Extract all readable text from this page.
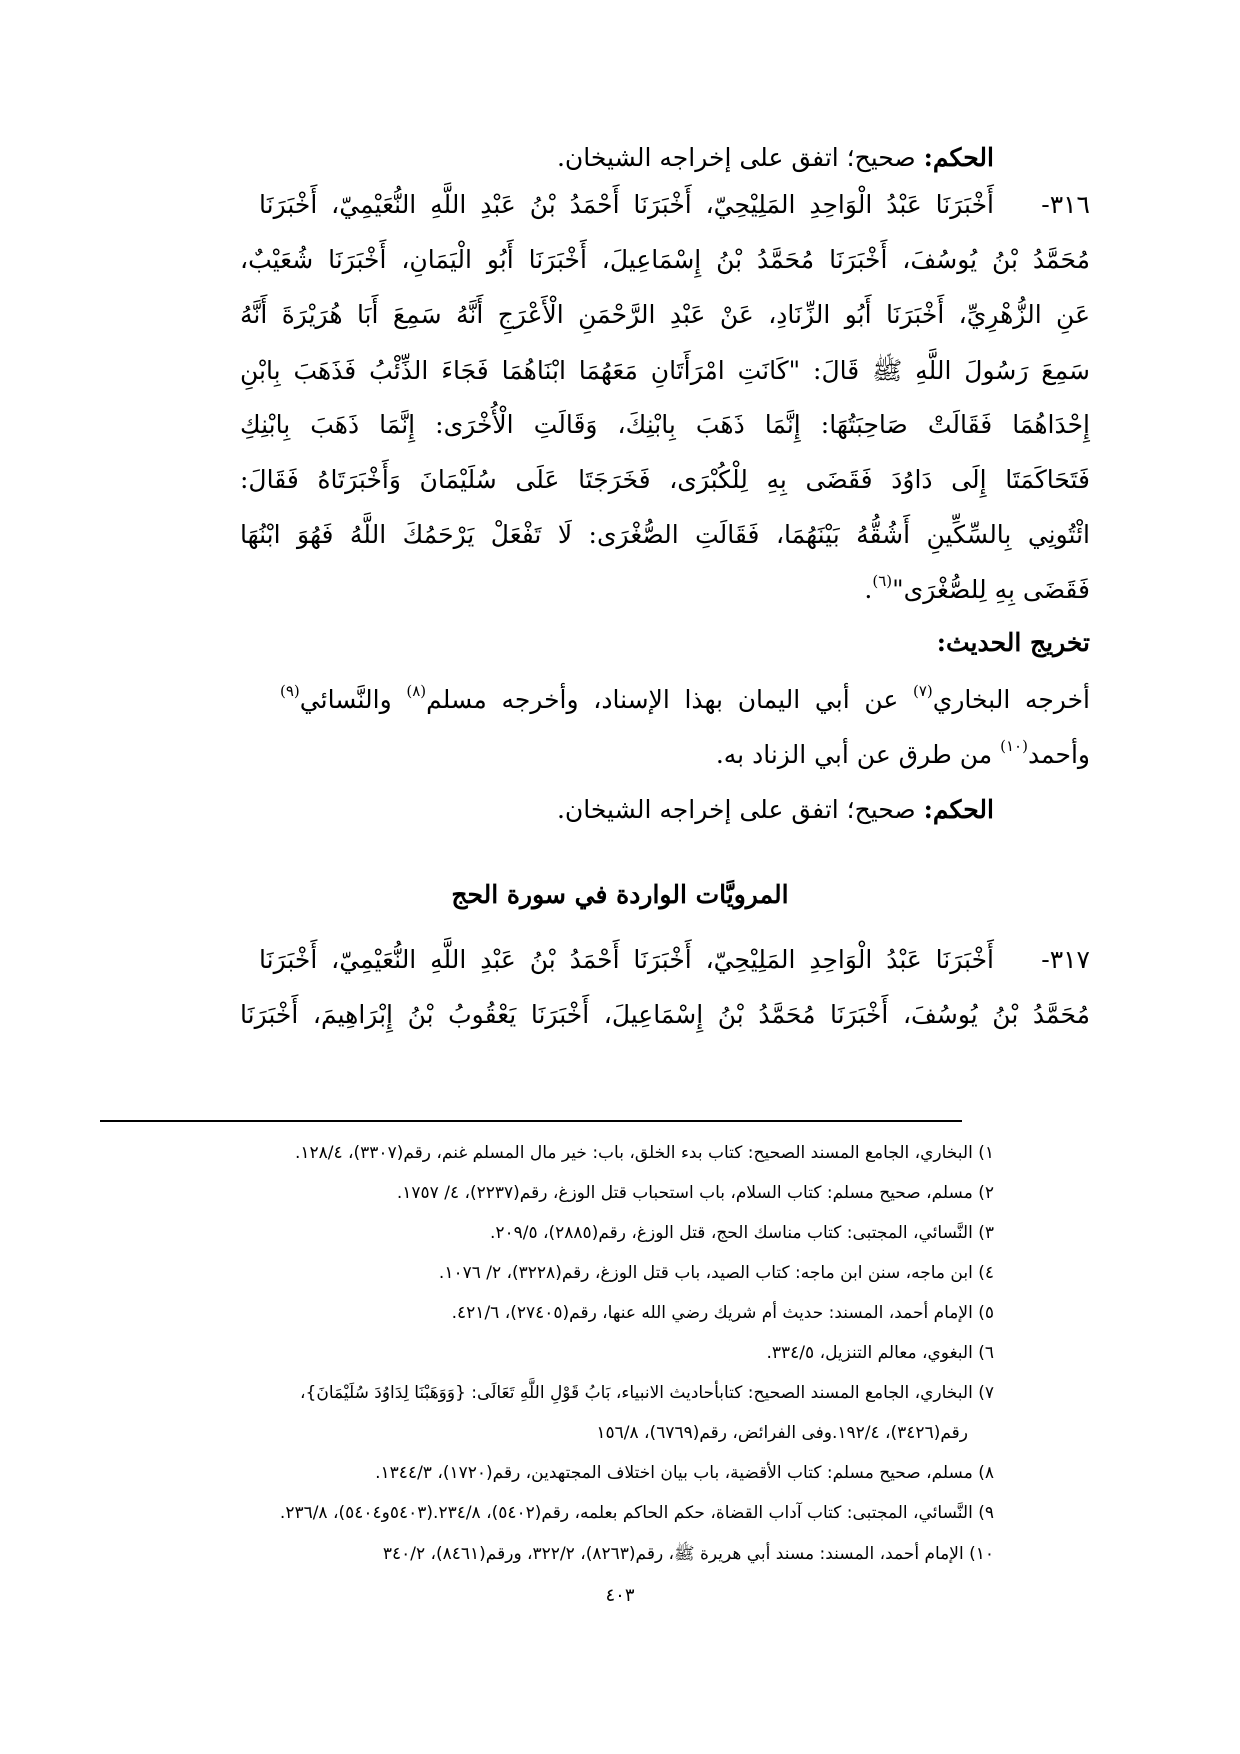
الحكم: صحيح؛ اتفق على إخراجه الشيخان.
٣١٦-
أَخْبَرَنَا عَبْدُ الْوَاحِدِ المَلِيْحِيّ، أَخْبَرَنَا أَحْمَدُ بْنُ عَبْدِ اللَّهِ النُّعَيْمِيّ، أَخْبَرَنَا
مُحَمَّدُ بْنُ يُوسُفَ، أَخْبَرَنَا مُحَمَّدُ بْنُ إِسْمَاعِيلَ، أَخْبَرَنَا أَبُو الْيَمَانِ، أَخْبَرَنَا شُعَيْبٌ،
عَنِ الزُّهْرِيِّ، أَخْبَرَنَا أَبُو الزِّنَادِ، عَنْ عَبْدِ الرَّحْمَنِ الْأَعْرَجِ أَنَّهُ سَمِعَ أَبَا هُرَيْرَةَ أَنَّهُ
سَمِعَ رَسُولَ اللَّهِ ﷺ قَالَ: "كَانَتِ امْرَأَتَانِ مَعَهُمَا ابْنَاهُمَا فَجَاءَ الذِّئْبُ فَذَهَبَ بِابْنِ
إِحْدَاهُمَا فَقَالَتْ صَاحِبَتُهَا: إِنَّمَا ذَهَبَ بِابْنِكَ، وَقَالَتِ الْأُخْرَى: إِنَّمَا ذَهَبَ بِابْنِكِ
فَتَحَاكَمَتَا إِلَى دَاوُدَ فَقَضَى بِهِ لِلْكُبْرَى، فَخَرَجَتَا عَلَى سُلَيْمَانَ وَأَخْبَرَتَاهُ فَقَالَ:
ائْتُونِي بِالسِّكِّينِ أَشُقُّهُ بَيْنَهُمَا، فَقَالَتِ الصُّغْرَى: لَا تَفْعَلْ يَرْحَمُكَ اللَّهُ فَهُوَ ابْنُهَا
فَقَضَى بِهِ لِلصُّغْرَى"$^{(٦)}$.
تخريج الحديث:
أخرجه البخاري$^{(٧)}$ عن أبي اليمان بهذا الإسناد، وأخرجه مسلم$^{(٨)}$ والنَّسائي$^{(٩)}$
وأحمد$^{(١٠)}$ من طرق عن أبي الزناد به.
الحكم: صحيح؛ اتفق على إخراجه الشيخان.
المرويَّات الواردة في سورة الحج
٣١٧-
أَخْبَرَنَا عَبْدُ الْوَاحِدِ المَلِيْحِيّ، أَخْبَرَنَا أَحْمَدُ بْنُ عَبْدِ اللَّهِ النُّعَيْمِيّ، أَخْبَرَنَا
مُحَمَّدُ بْنُ يُوسُفَ، أَخْبَرَنَا مُحَمَّدُ بْنُ إِسْمَاعِيلَ، أَخْبَرَنَا يَعْقُوبُ بْنُ إِبْرَاهِيمَ، أَخْبَرَنَا
١) البخاري، الجامع المسند الصحيح: كتاب بدء الخلق، باب: خير مال المسلم غنم، رقم(٣٣٠٧)، ١٢٨/٤.
٢) مسلم، صحيح مسلم: كتاب السلام، باب استحباب قتل الوزغ، رقم(٢٢٣٧)، ٤/ ١٧٥٧.
٣) النَّسائي، المجتبى: كتاب مناسك الحج، قتل الوزغ، رقم(٢٨٨٥)، ٢٠٩/٥.
٤) ابن ماجه، سنن ابن ماجه: كتاب الصيد، باب قتل الوزغ، رقم(٣٢٢٨)، ٢/ ١٠٧٦.
٥) الإمام أحمد، المسند: حديث أم شريك رضي الله عنها، رقم(٢٧٤٠٥)، ٤٢١/٦.
٦) البغوي، معالم التنزيل، ٣٣٤/٥.
٧) البخاري، الجامع المسند الصحيح: كتابأحاديث الانبياء، بَابُ قَوْلِ اللَّهِ تَعَالَى: {وَوَهَبْنَا لِدَاوُدَ سُلَيْمَانَ}،
رقم(٣٤٢٦)، ١٩٢/٤.وفى الفرائض، رقم(٦٧٦٩)، ١٥٦/٨
٨) مسلم، صحيح مسلم: كتاب الأقضية، باب بيان اختلاف المجتهدين، رقم(١٧٢٠)، ١٣٤٤/٣.
٩) النَّسائي، المجتبى: كتاب آداب القضاة، حكم الحاكم بعلمه، رقم(٥٤٠٢)، ٢٣٤/٨.(٥٤٠٣و٥٤٠٤)، ٢٣٦/٨.
١٠) الإمام أحمد، المسند: مسند أبي هريرة ﷺ، رقم(٨٢٦٣)، ٣٢٢/٢، ورقم(٨٤٦١)، ٣٤٠/٢
٤٠٣
